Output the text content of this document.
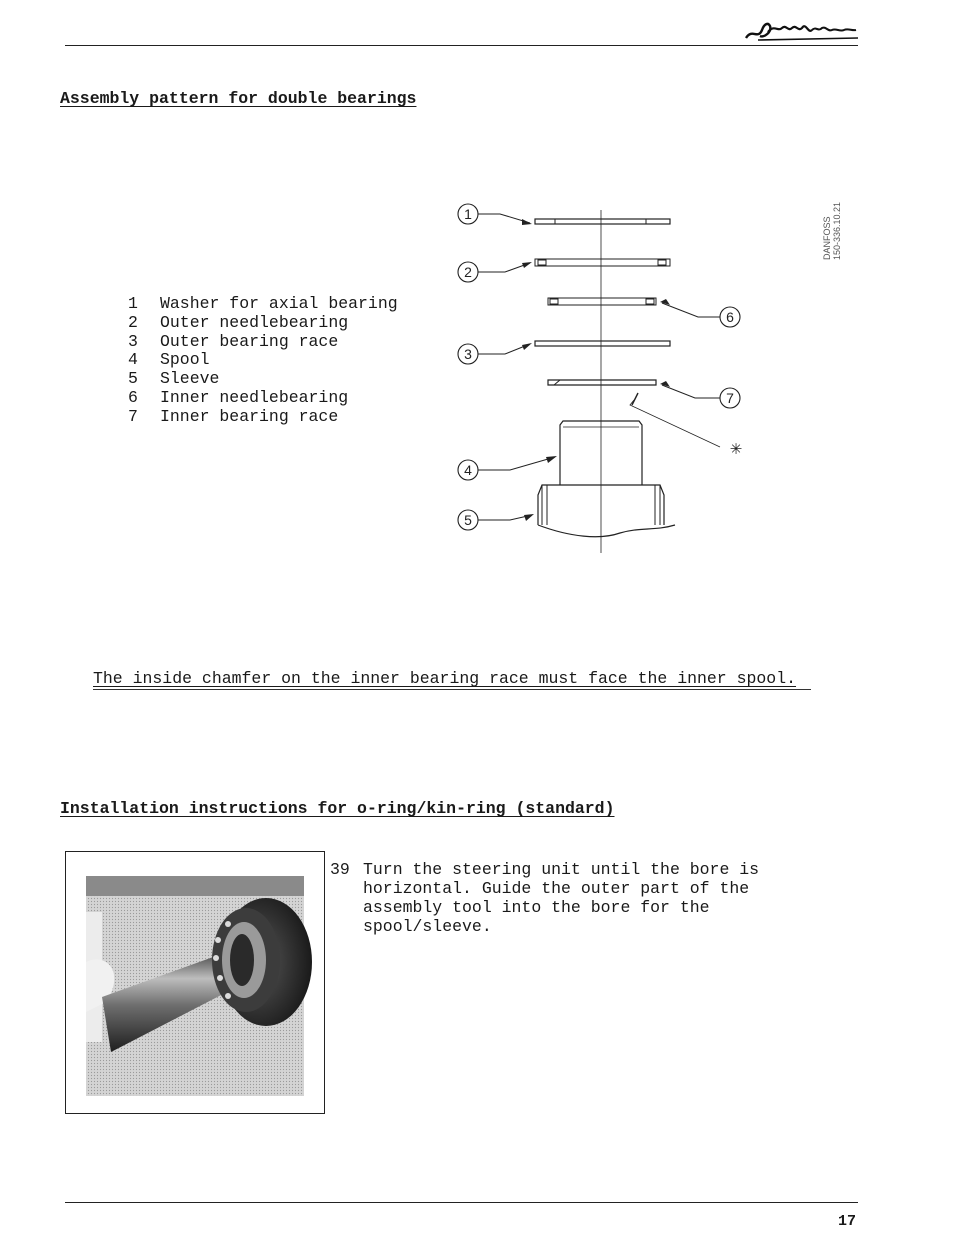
Assembly pattern for double bearings
1	Washer for axial bearing
2	Outer needlebearing
3	Outer bearing race
4	Spool
5	Sleeve
6	Inner needlebearing
7	Inner bearing race
1
2
3
4
5
6
7
✳
DANFOSS 150-336.10.21
The inside chamfer on the inner bearing race must face the inner spool.
Installation instructions for o-ring/kin-ring (standard)
39 Turn the steering unit until the bore is horizontal. Guide the outer part of the assembly tool into the bore for the spool/sleeve.
17
